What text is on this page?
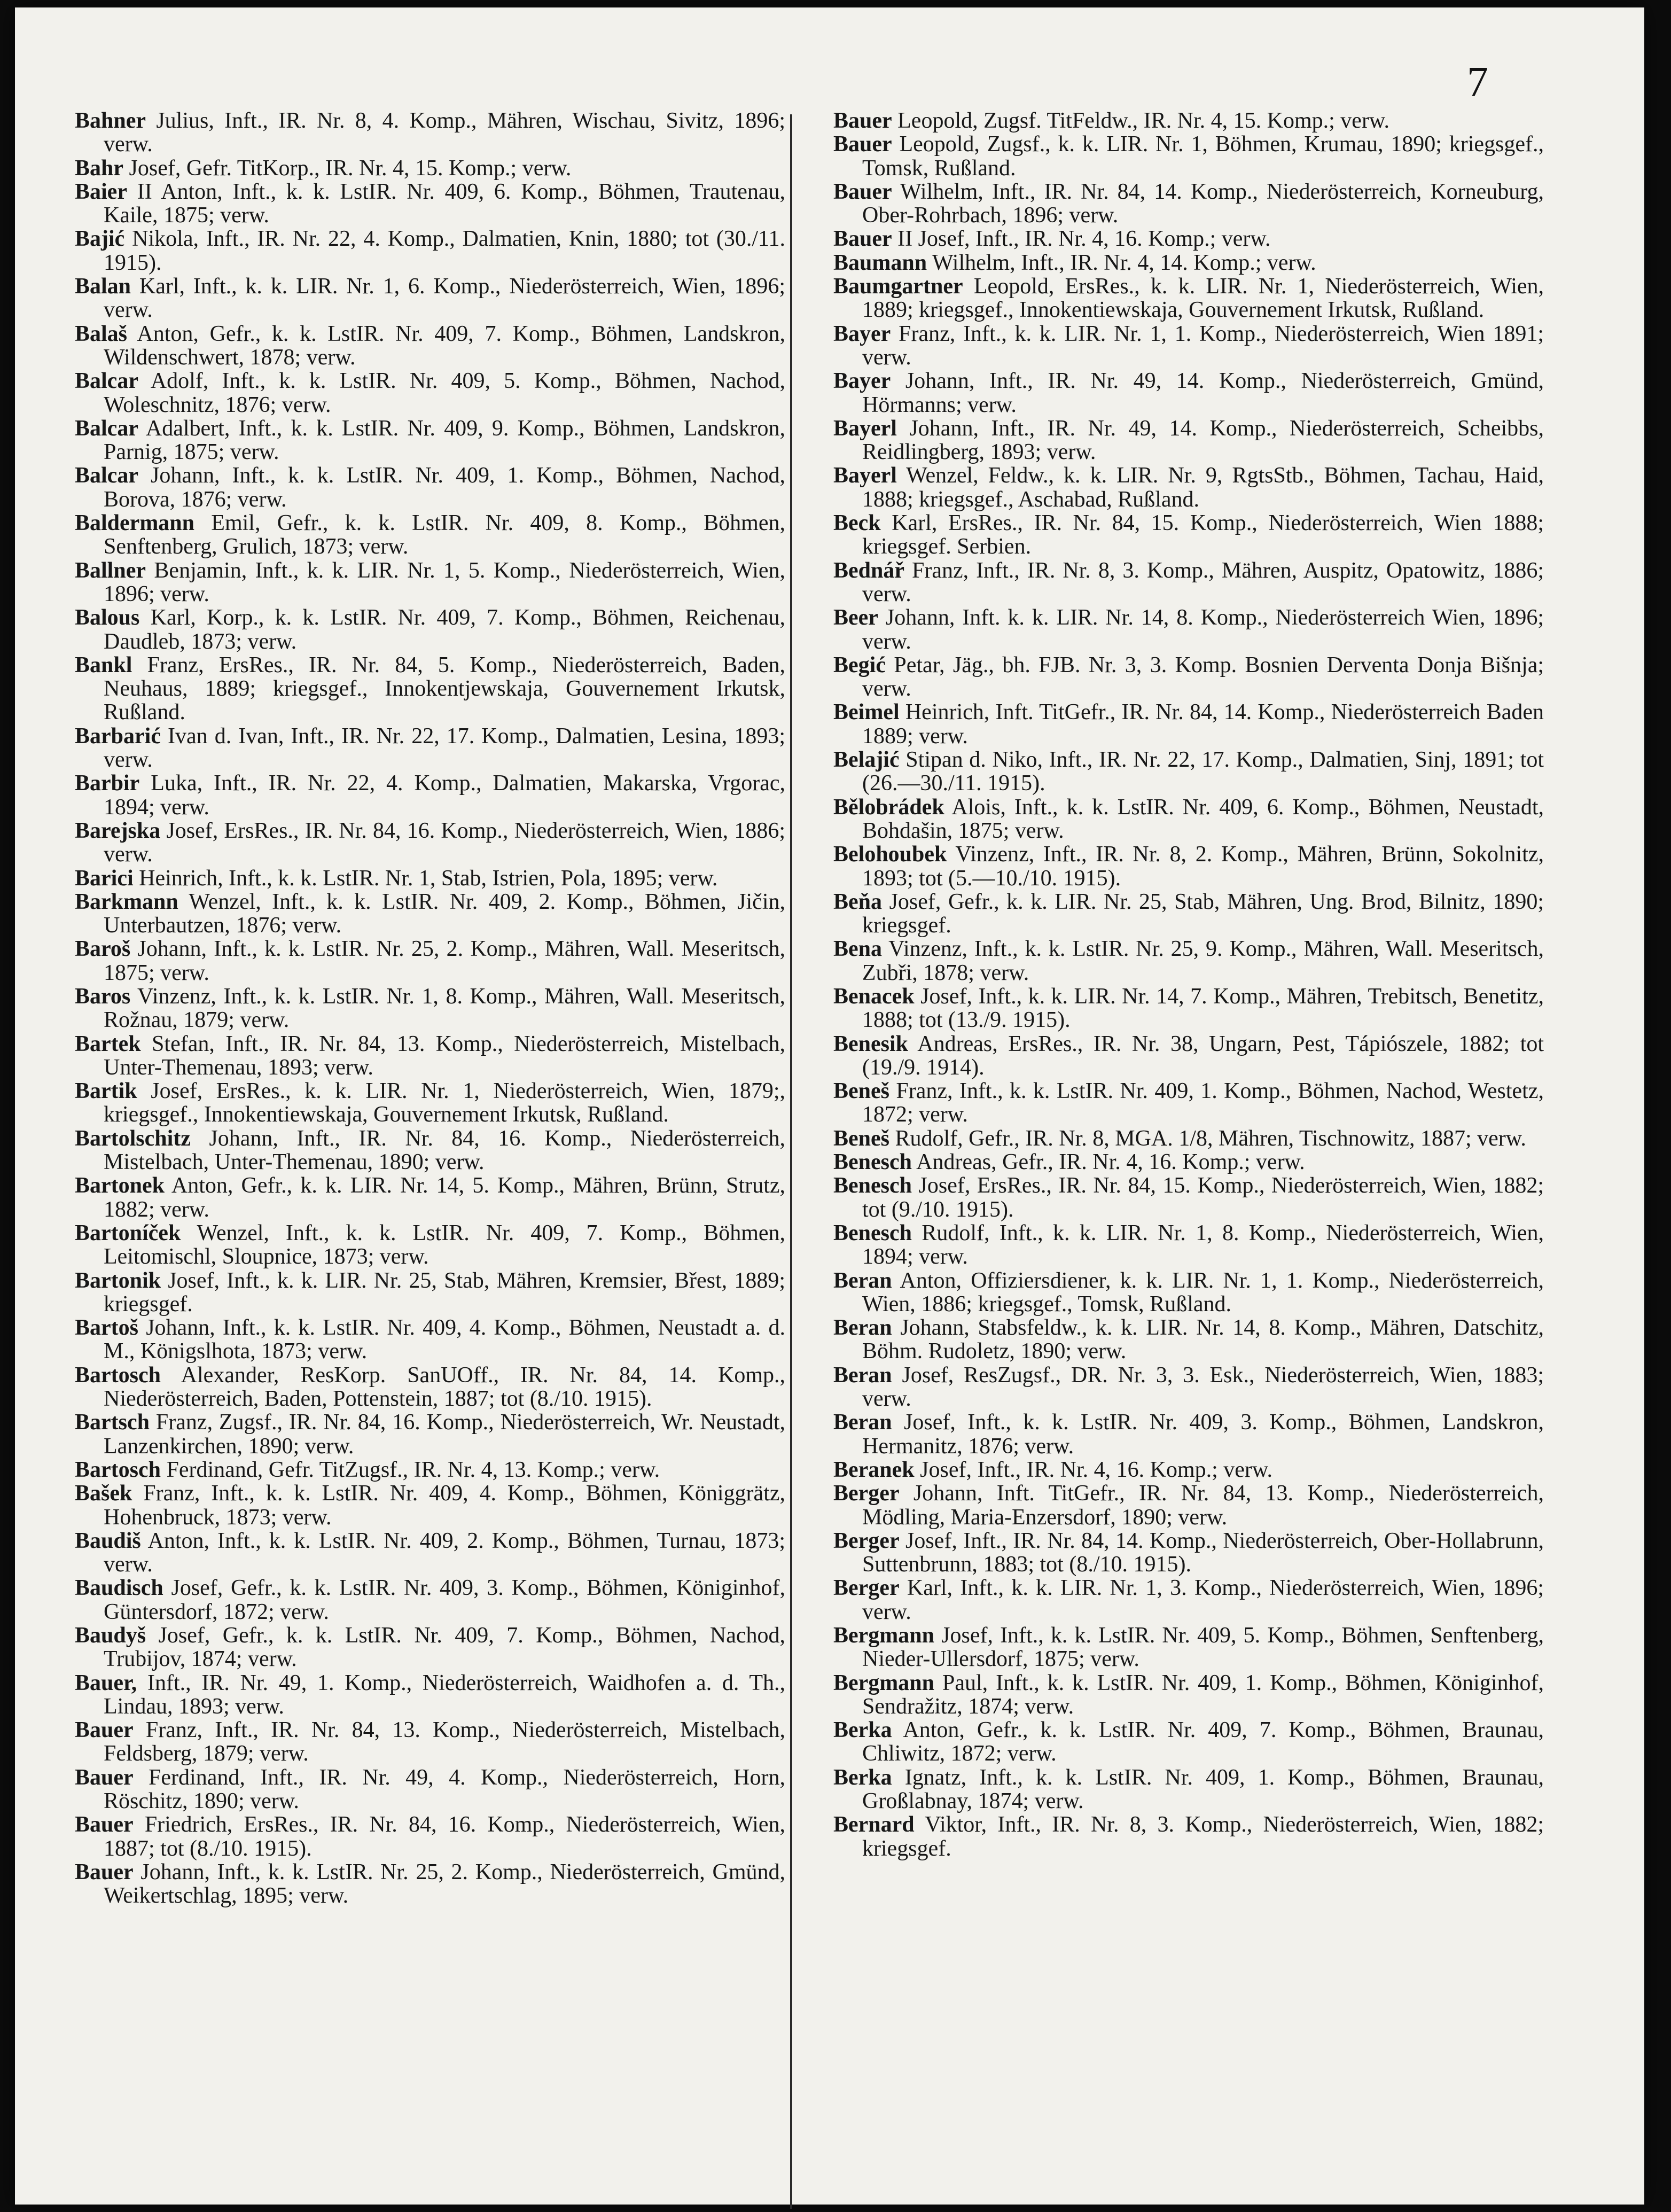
7

Bahner Julius, Inft., IR. Nr. 8, 4. Komp., Mähren, Wischau, Sivitz, 1896; verw.

Bahr Josef, Gefr. TitKorp., IR. Nr. 4, 15. Komp.; verw.

Baier II Anton, Inft., k. k. LstIR. Nr. 409, 6. Komp., Böhmen, Trautenau, Kaile, 1875; verw.

Bajić Nikola, Inft., IR. Nr. 22, 4. Komp., Dalmatien, Knin, 1880; tot (30./11. 1915).

Balan Karl, Inft., k. k. LIR. Nr. 1, 6. Komp., Niederösterreich, Wien, 1896; verw.

Balaš Anton, Gefr., k. k. LstIR. Nr. 409, 7. Komp., Böhmen, Landskron, Wildenschwert, 1878; verw.

Balcar Adolf, Inft., k. k. LstIR. Nr. 409, 5. Komp., Böhmen, Nachod, Woleschnitz, 1876; verw.

Balcar Adalbert, Inft., k. k. LstIR. Nr. 409, 9. Komp., Böhmen, Landskron, Parnig, 1875; verw.

Balcar Johann, Inft., k. k. LstIR. Nr. 409, 1. Komp., Böhmen, Nachod, Borova, 1876; verw.

Baldermann Emil, Gefr., k. k. LstIR. Nr. 409, 8. Komp., Böhmen, Senftenberg, Grulich, 1873; verw.

Ballner Benjamin, Inft., k. k. LIR. Nr. 1, 5. Komp., Niederösterreich, Wien, 1896; verw.

Balous Karl, Korp., k. k. LstIR. Nr. 409, 7. Komp., Böhmen, Reichenau, Daudleb, 1873; verw.

Bankl Franz, ErsRes., IR. Nr. 84, 5. Komp., Niederösterreich, Baden, Neuhaus, 1889; kriegsgef., Innokentjewskaja, Gouvernement Irkutsk, Rußland.

Barbarić Ivan d. Ivan, Inft., IR. Nr. 22, 17. Komp., Dalmatien, Lesina, 1893; verw.

Barbir Luka, Inft., IR. Nr. 22, 4. Komp., Dalmatien, Makarska, Vrgorac, 1894; verw.

Barejska Josef, ErsRes., IR. Nr. 84, 16. Komp., Niederösterreich, Wien, 1886; verw.

Barici Heinrich, Inft., k. k. LstIR. Nr. 1, Stab, Istrien, Pola, 1895; verw.

Barkmann Wenzel, Inft., k. k. LstIR. Nr. 409, 2. Komp., Böhmen, Jičin, Unterbautzen, 1876; verw.

Baroš Johann, Inft., k. k. LstIR. Nr. 25, 2. Komp., Mähren, Wall. Meseritsch, 1875; verw.

Baros Vinzenz, Inft., k. k. LstIR. Nr. 1, 8. Komp., Mähren, Wall. Meseritsch, Rožnau, 1879; verw.

Bartek Stefan, Inft., IR. Nr. 84, 13. Komp., Niederösterreich, Mistelbach, Unter-Themenau, 1893; verw.

Bartik Josef, ErsRes., k. k. LIR. Nr. 1, Niederösterreich, Wien, 1879;, kriegsgef., Innokentiewskaja, Gouvernement Irkutsk, Rußland.

Bartolschitz Johann, Inft., IR. Nr. 84, 16. Komp., Niederösterreich, Mistelbach, Unter-Themenau, 1890; verw.

Bartonek Anton, Gefr., k. k. LIR. Nr. 14, 5. Komp., Mähren, Brünn, Strutz, 1882; verw.

Bartoníček Wenzel, Inft., k. k. LstIR. Nr. 409, 7. Komp., Böhmen, Leitomischl, Sloupnice, 1873; verw.

Bartonik Josef, Inft., k. k. LIR. Nr. 25, Stab, Mähren, Kremsier, Břest, 1889; kriegsgef.

Bartoš Johann, Inft., k. k. LstIR. Nr. 409, 4. Komp., Böhmen, Neustadt a. d. M., Königslhota, 1873; verw.

Bartosch Alexander, ResKorp. SanUOff., IR. Nr. 84, 14. Komp., Niederösterreich, Baden, Pottenstein, 1887; tot (8./10. 1915).

Bartsch Franz, Zugsf., IR. Nr. 84, 16. Komp., Niederösterreich, Wr. Neustadt, Lanzenkirchen, 1890; verw.

Bartosch Ferdinand, Gefr. TitZugsf., IR. Nr. 4, 13. Komp.; verw.

Bašek Franz, Inft., k. k. LstIR. Nr. 409, 4. Komp., Böhmen, Königgrätz, Hohenbruck, 1873; verw.

Baudiš Anton, Inft., k. k. LstIR. Nr. 409, 2. Komp., Böhmen, Turnau, 1873; verw.

Baudisch Josef, Gefr., k. k. LstIR. Nr. 409, 3. Komp., Böhmen, Königinhof, Güntersdorf, 1872; verw.

Baudyš Josef, Gefr., k. k. LstIR. Nr. 409, 7. Komp., Böhmen, Nachod, Trubijov, 1874; verw.

Bauer, Inft., IR. Nr. 49, 1. Komp., Niederösterreich, Waidhofen a. d. Th., Lindau, 1893; verw.

Bauer Franz, Inft., IR. Nr. 84, 13. Komp., Niederösterreich, Mistelbach, Feldsberg, 1879; verw.

Bauer Ferdinand, Inft., IR. Nr. 49, 4. Komp., Niederösterreich, Horn, Röschitz, 1890; verw.

Bauer Friedrich, ErsRes., IR. Nr. 84, 16. Komp., Niederösterreich, Wien, 1887; tot (8./10. 1915).

Bauer Johann, Inft., k. k. LstIR. Nr. 25, 2. Komp., Niederösterreich, Gmünd, Weikertschlag, 1895; verw.

Bauer Leopold, Zugsf. TitFeldw., IR. Nr. 4, 15. Komp.; verw.

Bauer Leopold, Zugsf., k. k. LIR. Nr. 1, Böhmen, Krumau, 1890; kriegsgef., Tomsk, Rußland.

Bauer Wilhelm, Inft., IR. Nr. 84, 14. Komp., Niederösterreich, Korneuburg, Ober-Rohrbach, 1896; verw.

Bauer II Josef, Inft., IR. Nr. 4, 16. Komp.; verw.

Baumann Wilhelm, Inft., IR. Nr. 4, 14. Komp.; verw.

Baumgartner Leopold, ErsRes., k. k. LIR. Nr. 1, Niederösterreich, Wien, 1889; kriegsgef., Innokentiewskaja, Gouvernement Irkutsk, Rußland.

Bayer Franz, Inft., k. k. LIR. Nr. 1, 1. Komp., Niederösterreich, Wien 1891; verw.

Bayer Johann, Inft., IR. Nr. 49, 14. Komp., Niederösterreich, Gmünd, Hörmanns; verw.

Bayerl Johann, Inft., IR. Nr. 49, 14. Komp., Niederösterreich, Scheibbs, Reidlingberg, 1893; verw.

Bayerl Wenzel, Feldw., k. k. LIR. Nr. 9, RgtsStb., Böhmen, Tachau, Haid, 1888; kriegsgef., Aschabad, Rußland.

Beck Karl, ErsRes., IR. Nr. 84, 15. Komp., Niederösterreich, Wien 1888; kriegsgef. Serbien.

Bednář Franz, Inft., IR. Nr. 8, 3. Komp., Mähren, Auspitz, Opatowitz, 1886; verw.

Beer Johann, Inft. k. k. LIR. Nr. 14, 8. Komp., Niederösterreich Wien, 1896; verw.

Begić Petar, Jäg., bh. FJB. Nr. 3, 3. Komp. Bosnien Derventa Donja Bišnja; verw.

Beimel Heinrich, Inft. TitGefr., IR. Nr. 84, 14. Komp., Niederösterreich Baden 1889; verw.

Belajić Stipan d. Niko, Inft., IR. Nr. 22, 17. Komp., Dalmatien, Sinj, 1891; tot (26.—30./11. 1915).

Bělobrádek Alois, Inft., k. k. LstIR. Nr. 409, 6. Komp., Böhmen, Neustadt, Bohdašin, 1875; verw.

Belohoubek Vinzenz, Inft., IR. Nr. 8, 2. Komp., Mähren, Brünn, Sokolnitz, 1893; tot (5.—10./10. 1915).

Beňa Josef, Gefr., k. k. LIR. Nr. 25, Stab, Mähren, Ung. Brod, Bilnitz, 1890; kriegsgef.

Bena Vinzenz, Inft., k. k. LstIR. Nr. 25, 9. Komp., Mähren, Wall. Meseritsch, Zubři, 1878; verw.

Benacek Josef, Inft., k. k. LIR. Nr. 14, 7. Komp., Mähren, Trebitsch, Benetitz, 1888; tot (13./9. 1915).

Benesik Andreas, ErsRes., IR. Nr. 38, Ungarn, Pest, Tápiószele, 1882; tot (19./9. 1914).

Beneš Franz, Inft., k. k. LstIR. Nr. 409, 1. Komp., Böhmen, Nachod, Westetz, 1872; verw.

Beneš Rudolf, Gefr., IR. Nr. 8, MGA. 1/8, Mähren, Tischnowitz, 1887; verw.

Benesch Andreas, Gefr., IR. Nr. 4, 16. Komp.; verw.

Benesch Josef, ErsRes., IR. Nr. 84, 15. Komp., Niederösterreich, Wien, 1882; tot (9./10. 1915).

Benesch Rudolf, Inft., k. k. LIR. Nr. 1, 8. Komp., Niederösterreich, Wien, 1894; verw.

Beran Anton, Offiziersdiener, k. k. LIR. Nr. 1, 1. Komp., Niederösterreich, Wien, 1886; kriegsgef., Tomsk, Rußland.

Beran Johann, Stabsfeldw., k. k. LIR. Nr. 14, 8. Komp., Mähren, Datschitz, Böhm. Rudoletz, 1890; verw.

Beran Josef, ResZugsf., DR. Nr. 3, 3. Esk., Niederösterreich, Wien, 1883; verw.

Beran Josef, Inft., k. k. LstIR. Nr. 409, 3. Komp., Böhmen, Landskron, Hermanitz, 1876; verw.

Beranek Josef, Inft., IR. Nr. 4, 16. Komp.; verw.

Berger Johann, Inft. TitGefr., IR. Nr. 84, 13. Komp., Niederösterreich, Mödling, Maria-Enzersdorf, 1890; verw.

Berger Josef, Inft., IR. Nr. 84, 14. Komp., Niederösterreich, Ober-Hollabrunn, Suttenbrunn, 1883; tot (8./10. 1915).

Berger Karl, Inft., k. k. LIR. Nr. 1, 3. Komp., Niederösterreich, Wien, 1896; verw.

Bergmann Josef, Inft., k. k. LstIR. Nr. 409, 5. Komp., Böhmen, Senftenberg, Nieder-Ullersdorf, 1875; verw.

Bergmann Paul, Inft., k. k. LstIR. Nr. 409, 1. Komp., Böhmen, Königinhof, Sendražitz, 1874; verw.

Berka Anton, Gefr., k. k. LstIR. Nr. 409, 7. Komp., Böhmen, Braunau, Chliwitz, 1872; verw.

Berka Ignatz, Inft., k. k. LstIR. Nr. 409, 1. Komp., Böhmen, Braunau, Großlabnay, 1874; verw.

Bernard Viktor, Inft., IR. Nr. 8, 3. Komp., Niederösterreich, Wien, 1882; kriegsgef.
